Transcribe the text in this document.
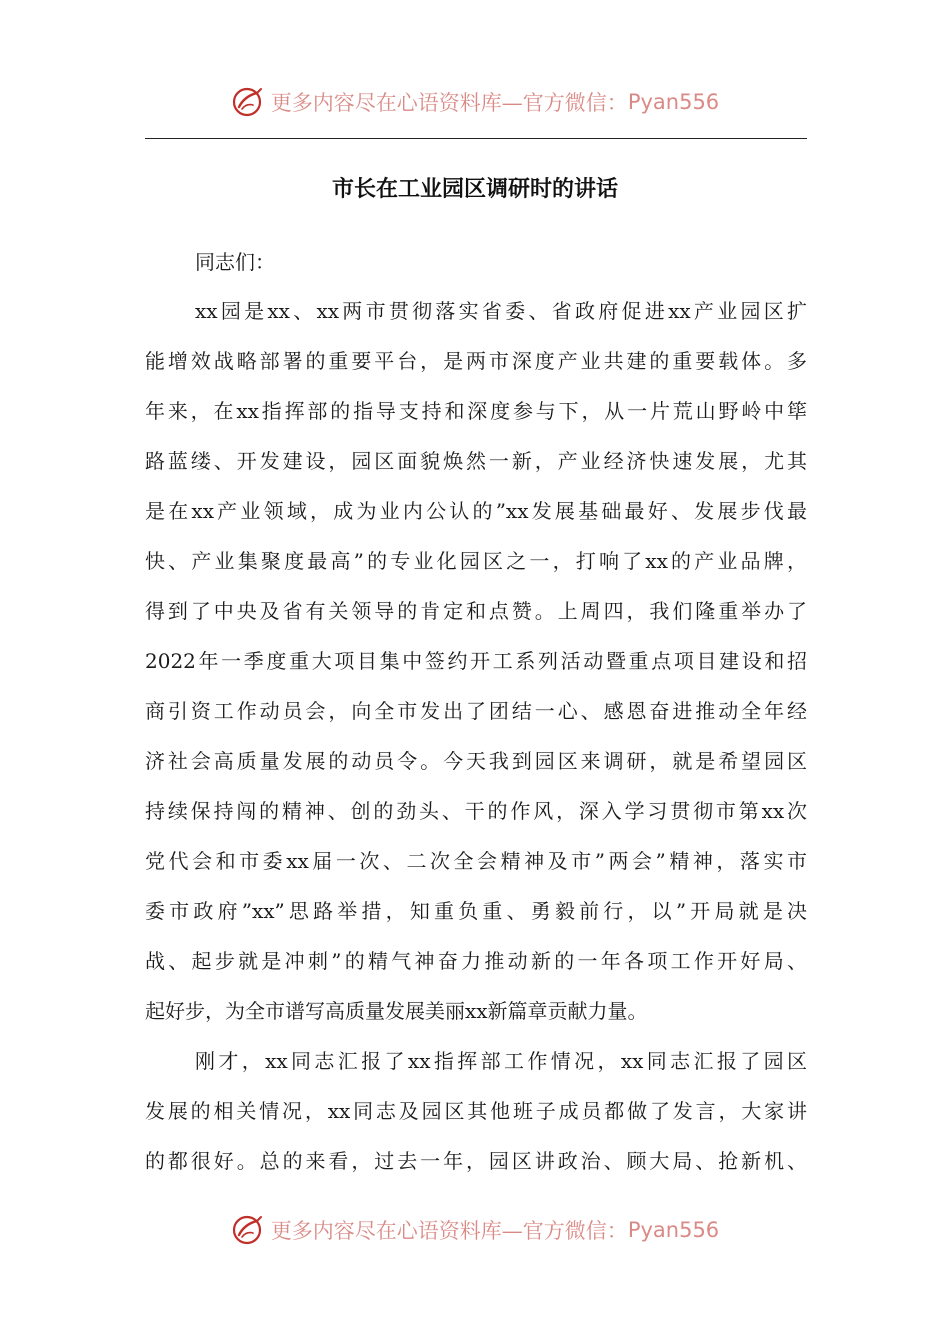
更多内容尽在心语资料库—官方微信： Pyan556
市长在工业园区调研时的讲话
同志们：
xx园是xx、xx两市贯彻落实省委、省政府促进xx产业园区扩
能增效战略部署的重要平台，是两市深度产业共建的重要载体。多
年来，在xx指挥部的指导支持和深度参与下，从一片荒山野岭中筚
路蓝缕、开发建设，园区面貌焕然一新，产业经济快速发展，尤其
是在xx产业领域，成为业内公认的”xx发展基础最好、发展步伐最
快、产业集聚度最高”的专业化园区之一，打响了xx的产业品牌，
得到了中央及省有关领导的肯定和点赞。上周四，我们隆重举办了
2022年一季度重大项目集中签约开工系列活动暨重点项目建设和招
商引资工作动员会，向全市发出了团结一心、感恩奋进推动全年经
济社会高质量发展的动员令。今天我到园区来调研，就是希望园区
持续保持闯的精神、创的劲头、干的作风，深入学习贯彻市第xx次
党代会和市委xx届一次、二次全会精神及市”两会”精神，落实市
委市政府”xx”思路举措，知重负重、勇毅前行，以”开局就是决
战、起步就是冲刺”的精气神奋力推动新的一年各项工作开好局、
起好步，为全市谱写高质量发展美丽xx新篇章贡献力量。
刚才，xx同志汇报了xx指挥部工作情况，xx同志汇报了园区
发展的相关情况，xx同志及园区其他班子成员都做了发言，大家讲
的都很好。总的来看，过去一年，园区讲政治、顾大局、抢新机、
更多内容尽在心语资料库—官方微信： Pyan556
